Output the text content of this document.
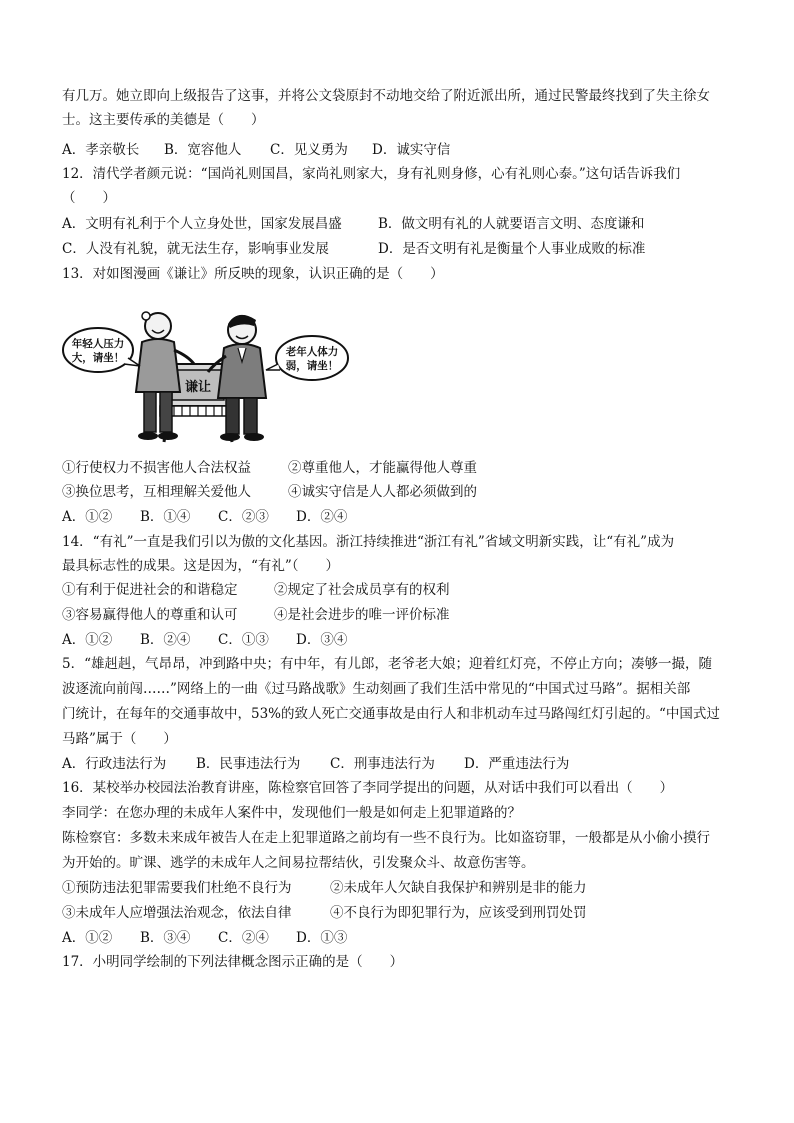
有几万。她立即向上级报告了这事，并将公文袋原封不动地交给了附近派出所，通过民警最终找到了失主徐女
士。这主要传承的美德是（　　）
A．孝亲敬长 B．宽容他人 C．见义勇为 D．诚实守信
12．清代学者颜元说：“国尚礼则国昌，家尚礼则家大，身有礼则身修，心有礼则心泰。”这句话告诉我们
（　　）
A．文明有礼利于个人立身处世，国家发展昌盛	B．做文明有礼的人就要语言文明、态度谦和
C．人没有礼貌，就无法生存，影响事业发展	D．是否文明有礼是衡量个人事业成败的标准
13．对如图漫画《谦让》所反映的现象，认识正确的是（　　）
谦让
年轻人压力
大，请坐！	老年人体力
弱，请坐！
①行使权力不损害他人合法权益	②尊重他人，才能赢得他人尊重
③换位思考，互相理解关爱他人	④诚实守信是人人都必须做到的
A．①② B．①④ C．②③ D．②④
14．“有礼”一直是我们引以为傲的文化基因。浙江持续推进“浙江有礼”省域文明新实践，让“有礼”成为
最具标志性的成果。这是因为，“有礼”（　　）
①有利于促进社会的和谐稳定	②规定了社会成员享有的权利
③容易赢得他人的尊重和认可	④是社会进步的唯一评价标准
A．①② B．②④ C．①③ D．③④
5．“雄赳赳，气昂昂，冲到路中央；有中年，有儿郎，老爷老大娘；迎着红灯亮，不停止方向；凑够一撮，随
波逐流向前闯……”网络上的一曲《过马路战歌》生动刻画了我们生活中常见的“中国式过马路”。据相关部
门统计，在每年的交通事故中，53%的致人死亡交通事故是由行人和非机动车过马路闯红灯引起的。“中国式过
马路”属于（　　）
A．行政违法行为 B．民事违法行为 C．刑事违法行为 D．严重违法行为
16．某校举办校园法治教育讲座，陈检察官回答了李同学提出的问题，从对话中我们可以看出（　　）
李同学：在您办理的未成年人案件中，发现他们一般是如何走上犯罪道路的？
陈检察官：多数未来成年被告人在走上犯罪道路之前均有一些不良行为。比如盗窃罪，一般都是从小偷小摸行
为开始的。旷课、逃学的未成年人之间易拉帮结伙，引发聚众斗、故意伤害等。
①预防违法犯罪需要我们杜绝不良行为	②未成年人欠缺自我保护和辨别是非的能力
③未成年人应增强法治观念，依法自律	④不良行为即犯罪行为，应该受到刑罚处罚
A．①② B．③④ C．②④ D．①③
17．小明同学绘制的下列法律概念图示正确的是（　　）
